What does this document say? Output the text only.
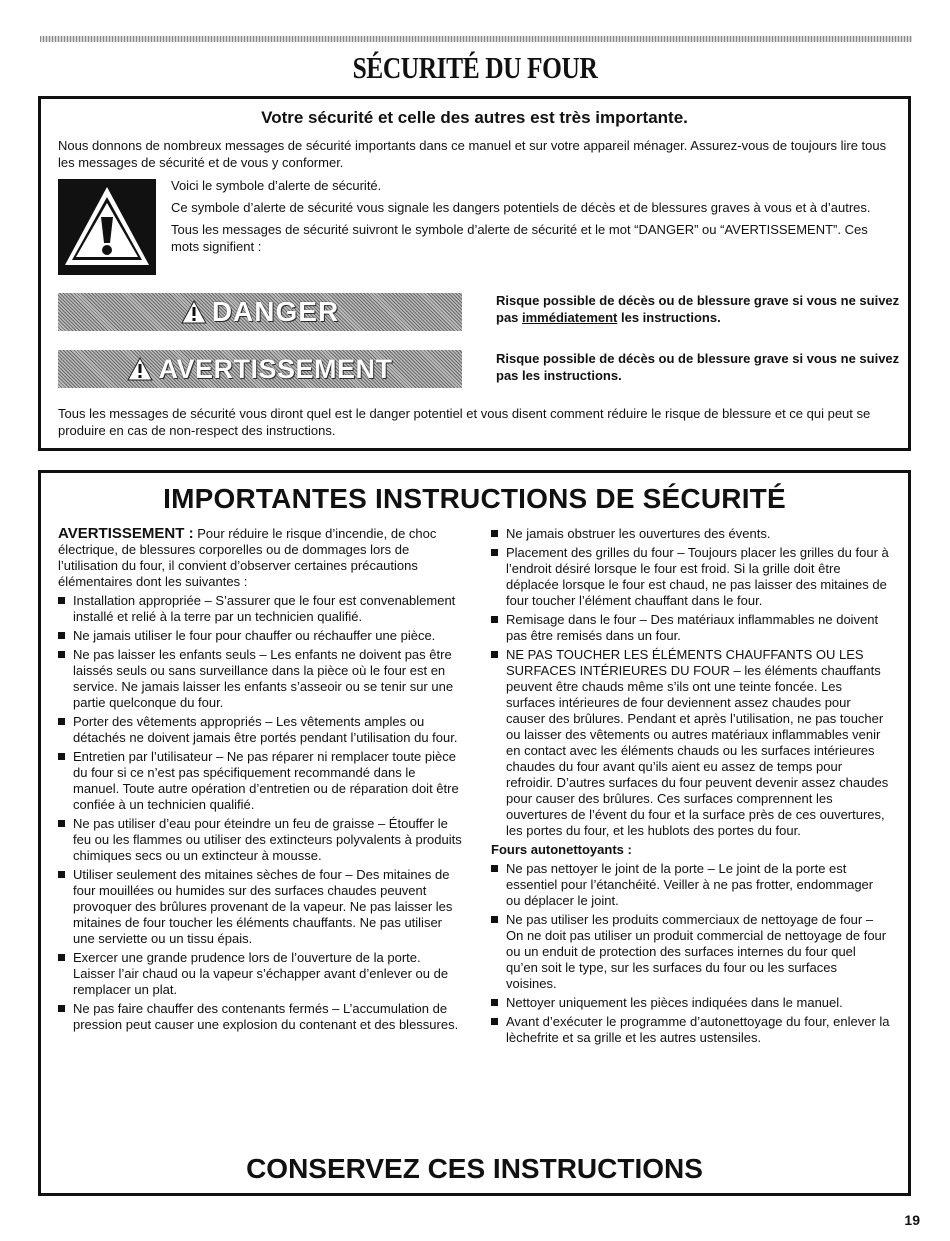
SÉCURITÉ DU FOUR
Votre sécurité et celle des autres est très importante.
Nous donnons de nombreux messages de sécurité importants dans ce manuel et sur votre appareil ménager. Assurez-vous de toujours lire tous les messages de sécurité et de vous y conformer.

Voici le symbole d’alerte de sécurité.

Ce symbole d’alerte de sécurité vous signale les dangers potentiels de décès et de blessures graves à vous et à d’autres.

Tous les messages de sécurité suivront le symbole d’alerte de sécurité et le mot “DANGER” ou “AVERTISSEMENT”. Ces mots signifient :

DANGER	Risque possible de décès ou de blessure grave si vous ne suivez pas immédiatement les instructions.
AVERTISSEMENT	Risque possible de décès ou de blessure grave si vous ne suivez pas les instructions.
Tous les messages de sécurité vous diront quel est le danger potentiel et vous disent comment réduire le risque de blessure et ce qui peut se produire en cas de non-respect des instructions.
IMPORTANTES INSTRUCTIONS DE SÉCURITÉ

AVERTISSEMENT : Pour réduire le risque d’incendie, de choc électrique, de blessures corporelles ou de dommages lors de l’utilisation du four, il convient d’observer certaines précautions élémentaires dont les suivantes :

Installation appropriée – S’assurer que le four est convenablement installé et relié à la terre par un technicien qualifié.
Ne jamais utiliser le four pour chauffer ou réchauffer une pièce.
Ne pas laisser les enfants seuls – Les enfants ne doivent pas être laissés seuls ou sans surveillance dans la pièce où le four est en service. Ne jamais laisser les enfants s’asseoir ou se tenir sur une partie quelconque du four.
Porter des vêtements appropriés – Les vêtements amples ou détachés ne doivent jamais être portés pendant l’utilisation du four.
Entretien par l’utilisateur – Ne pas réparer ni remplacer toute pièce du four si ce n’est pas spécifiquement recommandé dans le manuel. Toute autre opération d’entretien ou de réparation doit être confiée à un technicien qualifié.
Ne pas utiliser d’eau pour éteindre un feu de graisse – Étouffer le feu ou les flammes ou utiliser des extincteurs polyvalents à produits chimiques secs ou un extincteur à mousse.
Utiliser seulement des mitaines sèches de four – Des mitaines de four mouillées ou humides sur des surfaces chaudes peuvent provoquer des brûlures provenant de la vapeur. Ne pas laisser les mitaines de four toucher les éléments chauffants. Ne pas utiliser une serviette ou un tissu épais.
Exercer une grande prudence lors de l’ouverture de la porte. Laisser l’air chaud ou la vapeur s’échapper avant d’enlever ou de remplacer un plat.
Ne pas faire chauffer des contenants fermés – L’accumulation de pression peut causer une explosion du contenant et des blessures.
Ne jamais obstruer les ouvertures des évents.
Placement des grilles du four – Toujours placer les grilles du four à l’endroit désiré lorsque le four est froid. Si la grille doit être déplacée lorsque le four est chaud, ne pas laisser des mitaines de four toucher l’élément chauffant dans le four.
Remisage dans le four – Des matériaux inflammables ne doivent pas être remisés dans un four.
NE PAS TOUCHER LES ÉLÉMENTS CHAUFFANTS OU LES SURFACES INTÉRIEURES DU FOUR – les éléments chauffants peuvent être chauds même s’ils ont une teinte foncée. Les surfaces intérieures de four deviennent assez chaudes pour causer des brûlures. Pendant et après l’utilisation, ne pas toucher ou laisser des vêtements ou autres matériaux inflammables venir en contact avec les éléments chauds ou les surfaces intérieures chaudes du four avant qu’ils aient eu assez de temps pour refroidir. D’autres surfaces du four peuvent devenir assez chaudes pour causer des brûlures. Ces surfaces comprennent les ouvertures de l’évent du four et la surface près de ces ouvertures, les portes du four, et les hublots des portes du four.

Fours autonettoyants :

Ne pas nettoyer le joint de la porte – Le joint de la porte est essentiel pour l’étanchéité. Veiller à ne pas frotter, endommager ou déplacer le joint.
Ne pas utiliser les produits commerciaux de nettoyage de four – On ne doit pas utiliser un produit commercial de nettoyage de four ou un enduit de protection des surfaces internes du four quel qu’en soit le type, sur les surfaces du four ou les surfaces voisines.
Nettoyer uniquement les pièces indiquées dans le manuel.
Avant d’exécuter le programme d’autonettoyage du four, enlever la lèchefrite et sa grille et les autres ustensiles.
CONSERVEZ CES INSTRUCTIONS
19
